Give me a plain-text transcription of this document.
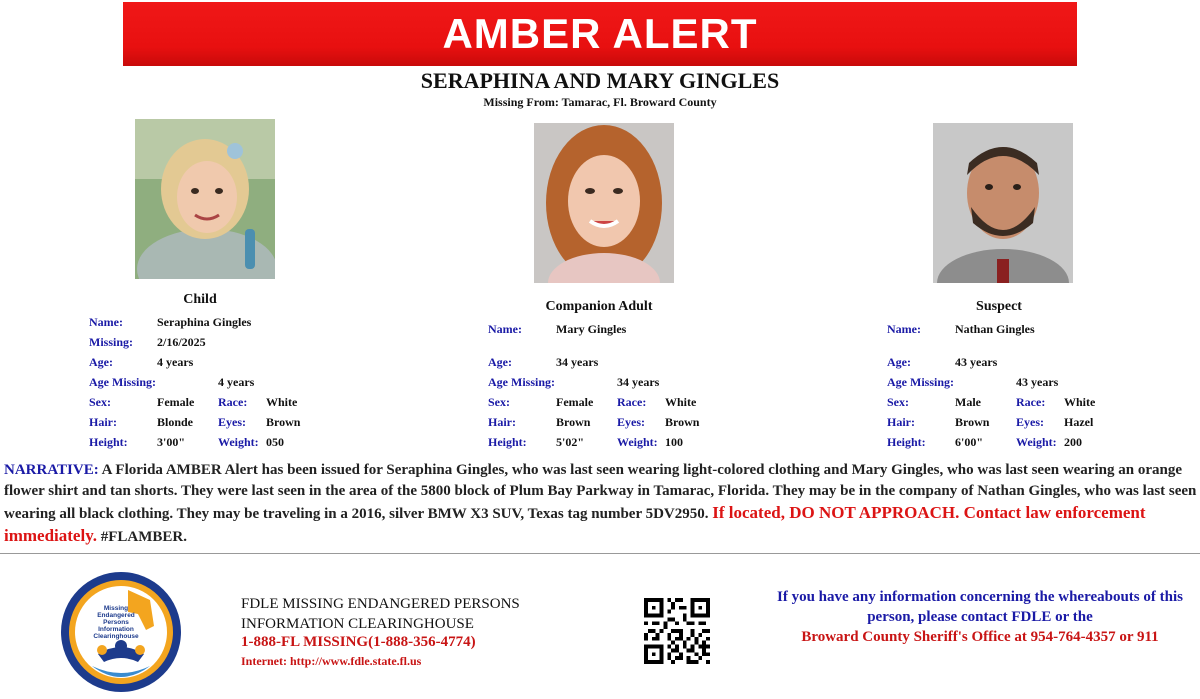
AMBER ALERT
SERAPHINA AND MARY GINGLES
Missing From: Tamarac, Fl. Broward County
Child	Companion Adult	Suspect
Name:	Seraphina Gingles
Missing: 2/16/2025
Age:	4 years
Age Missing:	4 years
Sex:	Female Race: White
Hair:	Blonde Eyes: Brown
Height: 3'00"	Weight: 050
Name:	Mary Gingles
Age:	34 years
Age Missing:	34 years
Sex:	Female Race: White
Hair:	Brown Eyes: Brown
Height: 5'02"	Weight: 100
Name:	Nathan Gingles
Age:	43 years
Age Missing:	43 years
Sex:	Male	Race: White
Hair:	Brown Eyes: Hazel
Height: 6'00"	Weight: 200
NARRATIVE: A Florida AMBER Alert has been issued for Seraphina Gingles, who was last seen wearing light-colored clothing and Mary Gingles, who was last seen wearing an orange flower shirt and tan shorts. They were last seen in the area of the 5800 block of Plum Bay Parkway in Tamarac, Florida. They may be in the company of Nathan Gingles, who was last seen wearing all black clothing. They may be traveling in a 2016, silver BMW X3 SUV, Texas tag number 5DV2950. If located, DO NOT APPROACH. Contact law enforcement immediately. #FLAMBER.
Missing
Endangered
Persons
Information
Clearinghouse
FDLE MISSING ENDANGERED PERSONS
INFORMATION CLEARINGHOUSE
1-888-FL MISSING(1-888-356-4774)
Internet: http://www.fdle.state.fl.us
If you have any information concerning the whereabouts of this
person, please contact FDLE or the
Broward County Sheriff's Office at 954-764-4357 or 911
